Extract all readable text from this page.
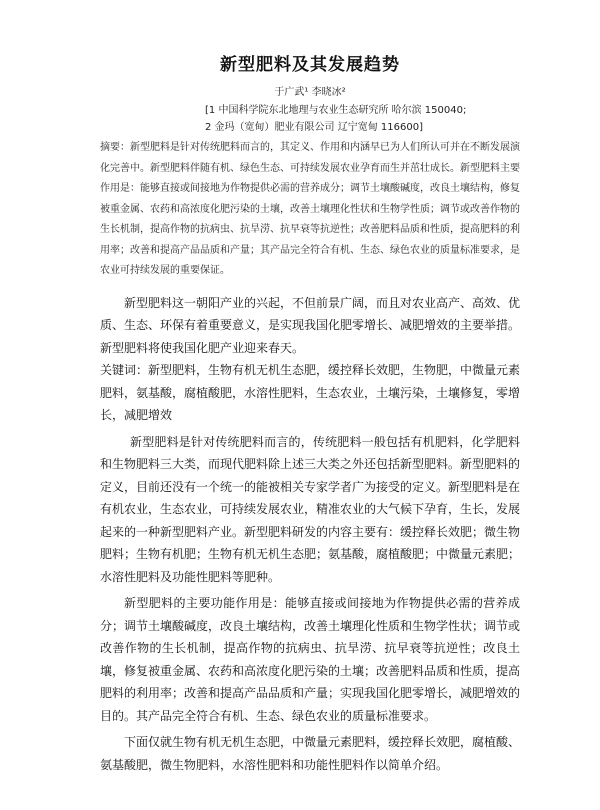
新型肥料及其发展趋势
于广武¹ 李晓冰²
[1 中国科学院东北地理与农业生态研究所 哈尔滨 150040;
2 金玛（宽甸）肥业有限公司 辽宁宽甸 116600]

摘要：新型肥料是针对传统肥料而言的，其定义、作用和内涵早已为人们所认可并在不断发展演化完善中。新型肥料伴随有机、绿色生态、可持续发展农业孕育而生并茁壮成长。新型肥料主要作用是：能够直接或间接地为作物提供必需的营养成分；调节土壤酸碱度，改良土壤结构，修复被重金属、农药和高浓度化肥污染的土壤，改善土壤理化性状和生物学性质；调节或改善作物的生长机制，提高作物的抗病虫、抗旱涝、抗早衰等抗逆性；改善肥料品质和性质，提高肥料的利用率；改善和提高产品品质和产量；其产品完全符合有机、生态、绿色农业的质量标准要求，是农业可持续发展的重要保证。

新型肥料这一朝阳产业的兴起，不但前景广阔，而且对农业高产、高效、优质、生态、环保有着重要意义，是实现我国化肥零增长、减肥增效的主要举措。新型肥料将使我国化肥产业迎来春天。

关键词：新型肥料，生物有机无机生态肥，缓控释长效肥，生物肥，中微量元素肥料，氨基酸，腐植酸肥，水溶性肥料，生态农业，土壤污染，土壤修复，零增长，减肥增效

新型肥料是针对传统肥料而言的，传统肥料一般包括有机肥料，化学肥料和生物肥料三大类，而现代肥料除上述三大类之外还包括新型肥料。新型肥料的定义，目前还没有一个统一的能被相关专家学者广为接受的定义。新型肥料是在有机农业，生态农业，可持续发展农业，精准农业的大气候下孕育，生长，发展起来的一种新型肥料产业。新型肥料研发的内容主要有：缓控释长效肥；微生物肥料；生物有机肥；生物有机无机生态肥；氨基酸，腐植酸肥；中微量元素肥；水溶性肥料及功能性肥料等肥种。

新型肥料的主要功能作用是：能够直接或间接地为作物提供必需的营养成分；调节土壤酸碱度，改良土壤结构，改善土壤理化性质和生物学性状；调节或改善作物的生长机制，提高作物的抗病虫、抗旱涝、抗早衰等抗逆性；改良土壤，修复被重金属、农药和高浓度化肥污染的土壤；改善肥料品质和性质，提高肥料的利用率；改善和提高产品品质和产量；实现我国化肥零增长，减肥增效的目的。其产品完全符合有机、生态、绿色农业的质量标准要求。

下面仅就生物有机无机生态肥，中微量元素肥料，缓控释长效肥，腐植酸、氨基酸肥，微生物肥料，水溶性肥料和功能性肥料作以简单介绍。
